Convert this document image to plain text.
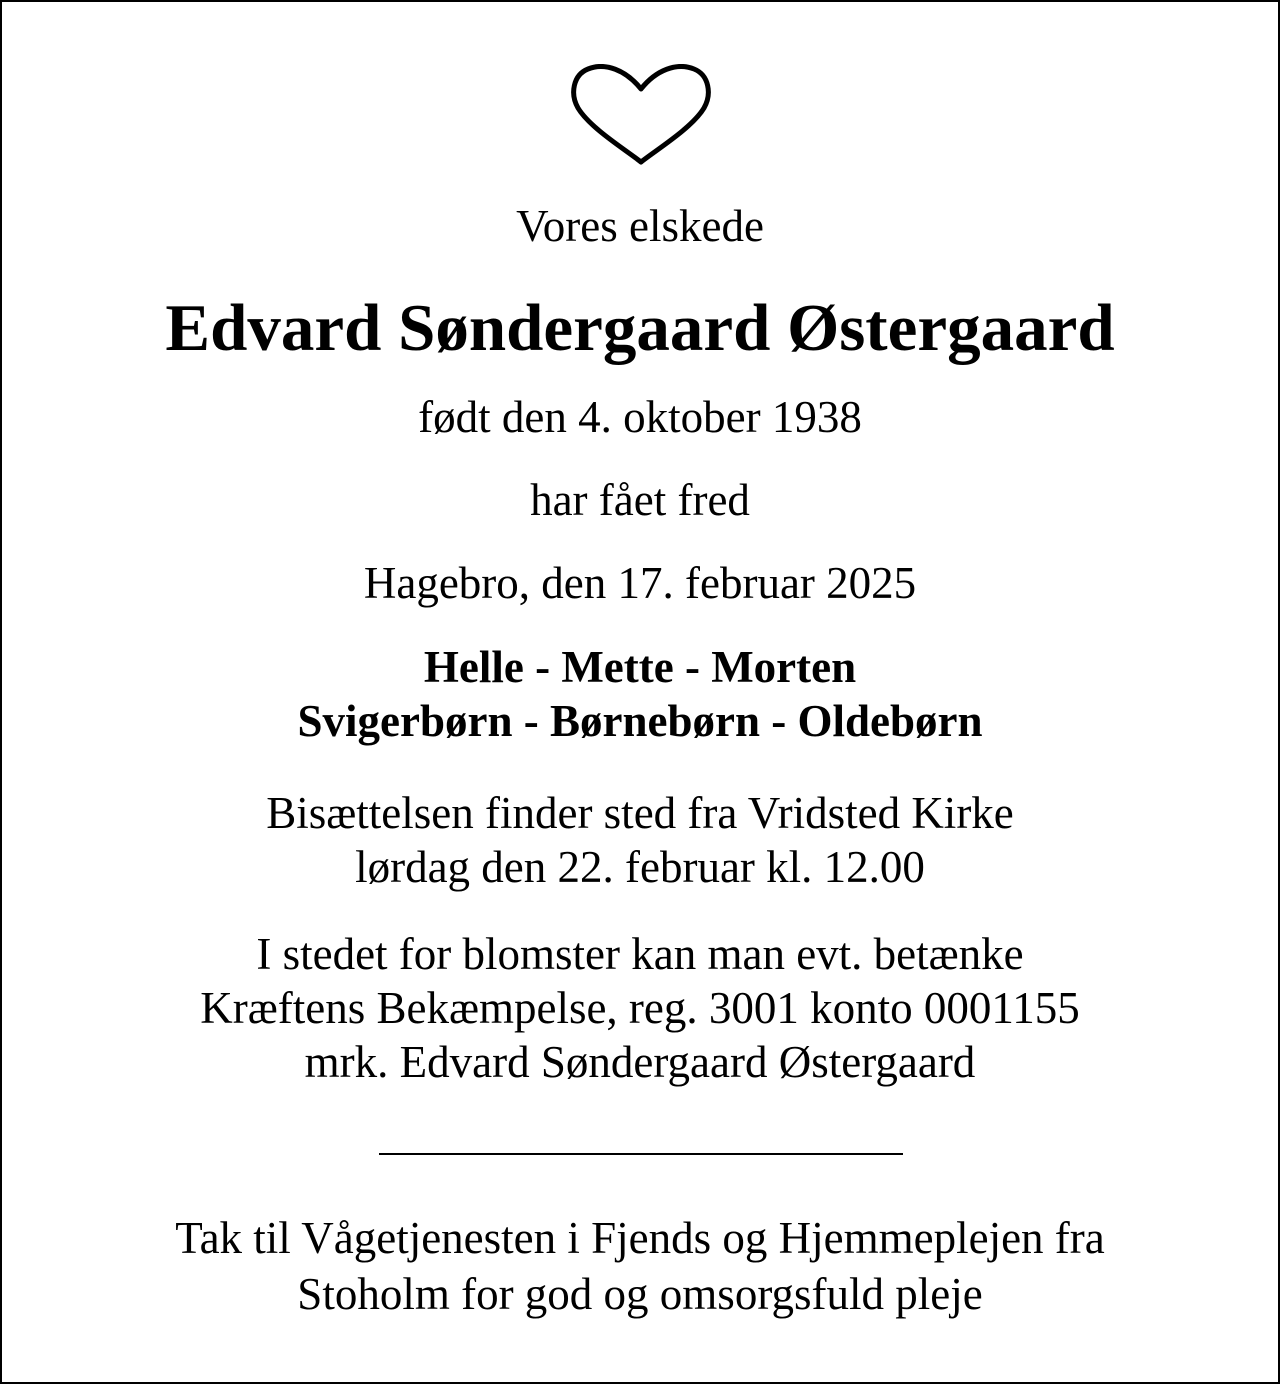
Vores elskede
Edvard Søndergaard Østergaard
født den 4. oktober 1938
har fået fred
Hagebro, den 17. februar 2025
Helle - Mette - Morten
Svigerbørn - Børnebørn - Oldebørn
Bisættelsen finder sted fra Vridsted Kirke
lørdag den 22. februar kl. 12.00
I stedet for blomster kan man evt. betænke
Kræftens Bekæmpelse, reg. 3001 konto 0001155
mrk. Edvard Søndergaard Østergaard
Tak til Vågetjenesten i Fjends og Hjemmeplejen fra
Stoholm for god og omsorgsfuld pleje
